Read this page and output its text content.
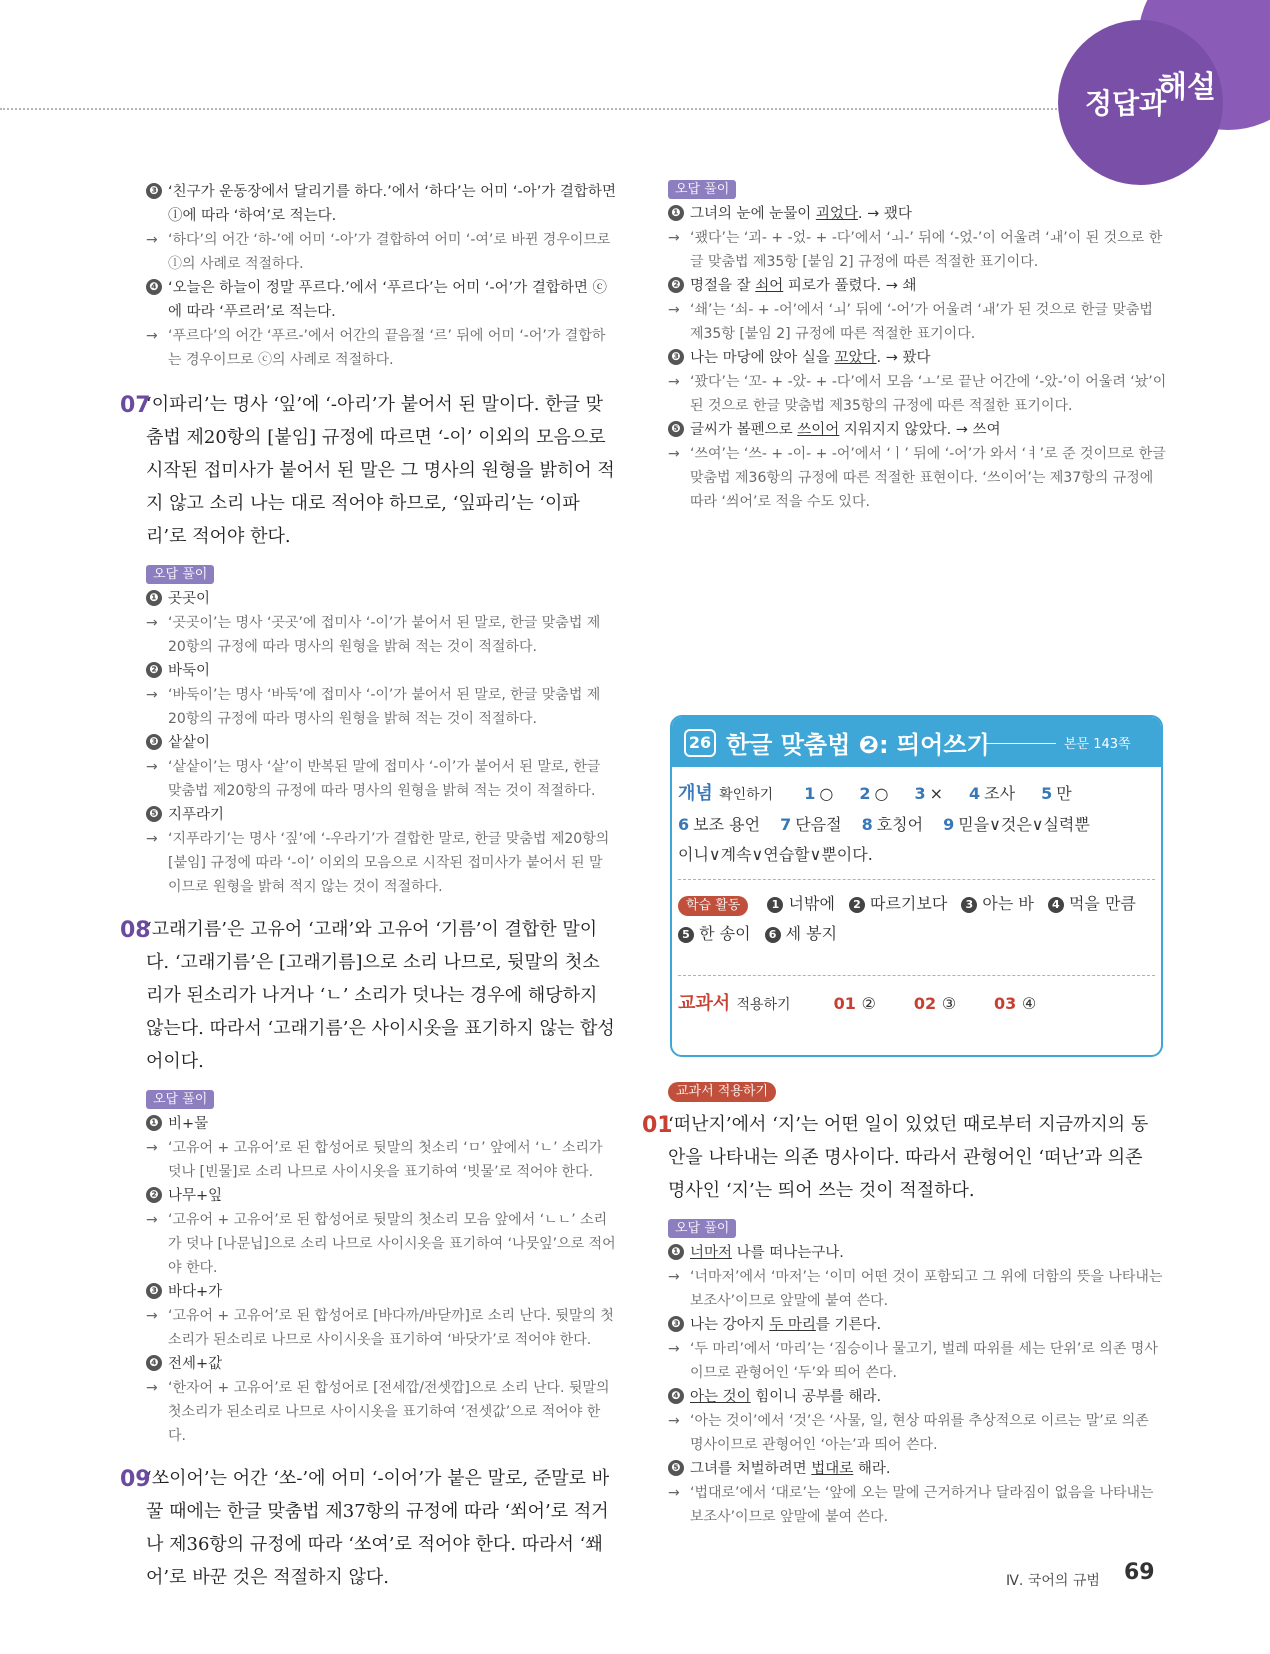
정답과
해설
❸ ‘친구가 운동장에서 달리기를 하다.’에서 ‘하다’는 어미 ‘-아’가 결합하면 ⓛ에 따라 ‘하여’로 적는다.
→ ‘하다’의 어간 ‘하-’에 어미 ‘-아’가 결합하여 어미 ‘-여’로 바뀐 경우이므로 ⓛ의 사례로 적절하다.
❹ ‘오늘은 하늘이 정말 푸르다.’에서 ‘푸르다’는 어미 ‘-어’가 결합하면 ⓒ에 따라 ‘푸르러’로 적는다.
→ ‘푸르다’의 어간 ‘푸르-’에서 어간의 끝음절 ‘르’ 뒤에 어미 ‘-어’가 결합하는 경우이므로 ⓒ의 사례로 적절하다.
07
‘이파리’는 명사 ‘잎’에 ‘-아리’가 붙어서 된 말이다. 한글 맞춤법 제20항의 [붙임] 규정에 따르면 ‘-이’ 이외의 모음으로 시작된 접미사가 붙어서 된 말은 그 명사의 원형을 밝히어 적지 않고 소리 나는 대로 적어야 하므로, ‘잎파리’는 ‘이파리’로 적어야 한다.
오답 풀이
❶ 곳곳이
→ ‘곳곳이’는 명사 ‘곳곳’에 접미사 ‘-이’가 붙어서 된 말로, 한글 맞춤법 제20항의 규정에 따라 명사의 원형을 밝혀 적는 것이 적절하다.
❷ 바둑이
→ ‘바둑이’는 명사 ‘바둑’에 접미사 ‘-이’가 붙어서 된 말로, 한글 맞춤법 제20항의 규정에 따라 명사의 원형을 밝혀 적는 것이 적절하다.
❸ 샅샅이
→ ‘샅샅이’는 명사 ‘샅’이 반복된 말에 접미사 ‘-이’가 붙어서 된 말로, 한글 맞춤법 제20항의 규정에 따라 명사의 원형을 밝혀 적는 것이 적절하다.
❺ 지푸라기
→ ‘지푸라기’는 명사 ‘짚’에 ‘-우라기’가 결합한 말로, 한글 맞춤법 제20항의 [붙임] 규정에 따라 ‘-이’ 이외의 모음으로 시작된 접미사가 붙어서 된 말이므로 원형을 밝혀 적지 않는 것이 적절하다.
08
‘고래기름’은 고유어 ‘고래’와 고유어 ‘기름’이 결합한 말이다. ‘고래기름’은 [고래기름]으로 소리 나므로, 뒷말의 첫소리가 된소리가 나거나 ‘ㄴ’ 소리가 덧나는 경우에 해당하지 않는다. 따라서 ‘고래기름’은 사이시옷을 표기하지 않는 합성어이다.
오답 풀이
❶ 비+물
→ ‘고유어 + 고유어’로 된 합성어로 뒷말의 첫소리 ‘ㅁ’ 앞에서 ‘ㄴ’ 소리가 덧나 [빈물]로 소리 나므로 사이시옷을 표기하여 ‘빗물’로 적어야 한다.
❷ 나무+잎
→ ‘고유어 + 고유어’로 된 합성어로 뒷말의 첫소리 모음 앞에서 ‘ㄴㄴ’ 소리가 덧나 [나문닙]으로 소리 나므로 사이시옷을 표기하여 ‘나뭇잎’으로 적어야 한다.
❸ 바다+가
→ ‘고유어 + 고유어’로 된 합성어로 [바다까/바닫까]로 소리 난다. 뒷말의 첫소리가 된소리로 나므로 사이시옷을 표기하여 ‘바닷가’로 적어야 한다.
❹ 전세+값
→ ‘한자어 + 고유어’로 된 합성어로 [전세깝/전셋깝]으로 소리 난다. 뒷말의 첫소리가 된소리로 나므로 사이시옷을 표기하여 ‘전셋값’으로 적어야 한다.
09
‘쏘이어’는 어간 ‘쏘-’에 어미 ‘-이어’가 붙은 말로, 준말로 바꿀 때에는 한글 맞춤법 제37항의 규정에 따라 ‘쐬어’로 적거나 제36항의 규정에 따라 ‘쏘여’로 적어야 한다. 따라서 ‘쐐어’로 바꾼 것은 적절하지 않다.
오답 풀이
❶ 그녀의 눈에 눈물이 괴었다. → 괬다
→ ‘괬다’는 ‘괴- + -었- + -다’에서 ‘ㅚ-’ 뒤에 ‘-었-’이 어울려 ‘ㅙ’이 된 것으로 한글 맞춤법 제35항 [붙임 2] 규정에 따른 적절한 표기이다.
❷ 명절을 잘 쇠어 피로가 풀렸다. → 쇄
→ ‘쇄’는 ‘쇠- + -어’에서 ‘ㅚ’ 뒤에 ‘-어’가 어울려 ‘ㅙ’가 된 것으로 한글 맞춤법 제35항 [붙임 2] 규정에 따른 적절한 표기이다.
❸ 나는 마당에 앉아 실을 꼬았다. → 꽜다
→ ‘꽜다’는 ‘꼬- + -았- + -다’에서 모음 ‘ㅗ’로 끝난 어간에 ‘-았-’이 어울려 ‘놨’이 된 것으로 한글 맞춤법 제35항의 규정에 따른 적절한 표기이다.
❺ 글씨가 볼펜으로 쓰이어 지워지지 않았다. → 쓰여
→ ‘쓰여’는 ‘쓰- + -이- + -어’에서 ‘ㅣ’ 뒤에 ‘-어’가 와서 ‘ㅕ’로 준 것이므로 한글 맞춤법 제36항의 규정에 따른 적절한 표현이다. ‘쓰이어’는 제37항의 규정에 따라 ‘씌어’로 적을 수도 있다.
26 한글 맞춤법 ❷: 띄어쓰기	본문 143쪽
개념 확인하기 1 ○ 2 ○ 3 × 4 조사 5 만
6 보조 용언 7 단음절 8 호칭어 9 믿을∨것은∨실력뿐
이니∨계속∨연습할∨뿐이다.
학습 활동	1 너밖에 2 따르기보다 3 아는 바 4 먹을 만큼
5 한 송이 6 세 봉지
교과서 적용하기	01 ② 02 ③ 03 ④
교과서 적용하기
01
‘떠난지’에서 ‘지’는 어떤 일이 있었던 때로부터 지금까지의 동안을 나타내는 의존 명사이다. 따라서 관형어인 ‘떠난’과 의존 명사인 ‘지’는 띄어 쓰는 것이 적절하다.
오답 풀이
❶ 너마저 나를 떠나는구나.
→ ‘너마저’에서 ‘마저’는 ‘이미 어떤 것이 포함되고 그 위에 더함의 뜻을 나타내는 보조사’이므로 앞말에 붙여 쓴다.
❸ 나는 강아지 두 마리를 기른다.
→ ‘두 마리’에서 ‘마리’는 ‘짐승이나 물고기, 벌레 따위를 세는 단위’로 의존 명사이므로 관형어인 ‘두’와 띄어 쓴다.
❹ 아는 것이 힘이니 공부를 해라.
→ ‘아는 것이’에서 ‘것’은 ‘사물, 일, 현상 따위를 추상적으로 이르는 말’로 의존 명사이므로 관형어인 ‘아는’과 띄어 쓴다.
❺ 그녀를 처벌하려면 법대로 해라.
→ ‘법대로’에서 ‘대로’는 ‘앞에 오는 말에 근거하거나 달라짐이 없음을 나타내는 보조사’이므로 앞말에 붙여 쓴다.
Ⅳ. 국어의 규범 69
